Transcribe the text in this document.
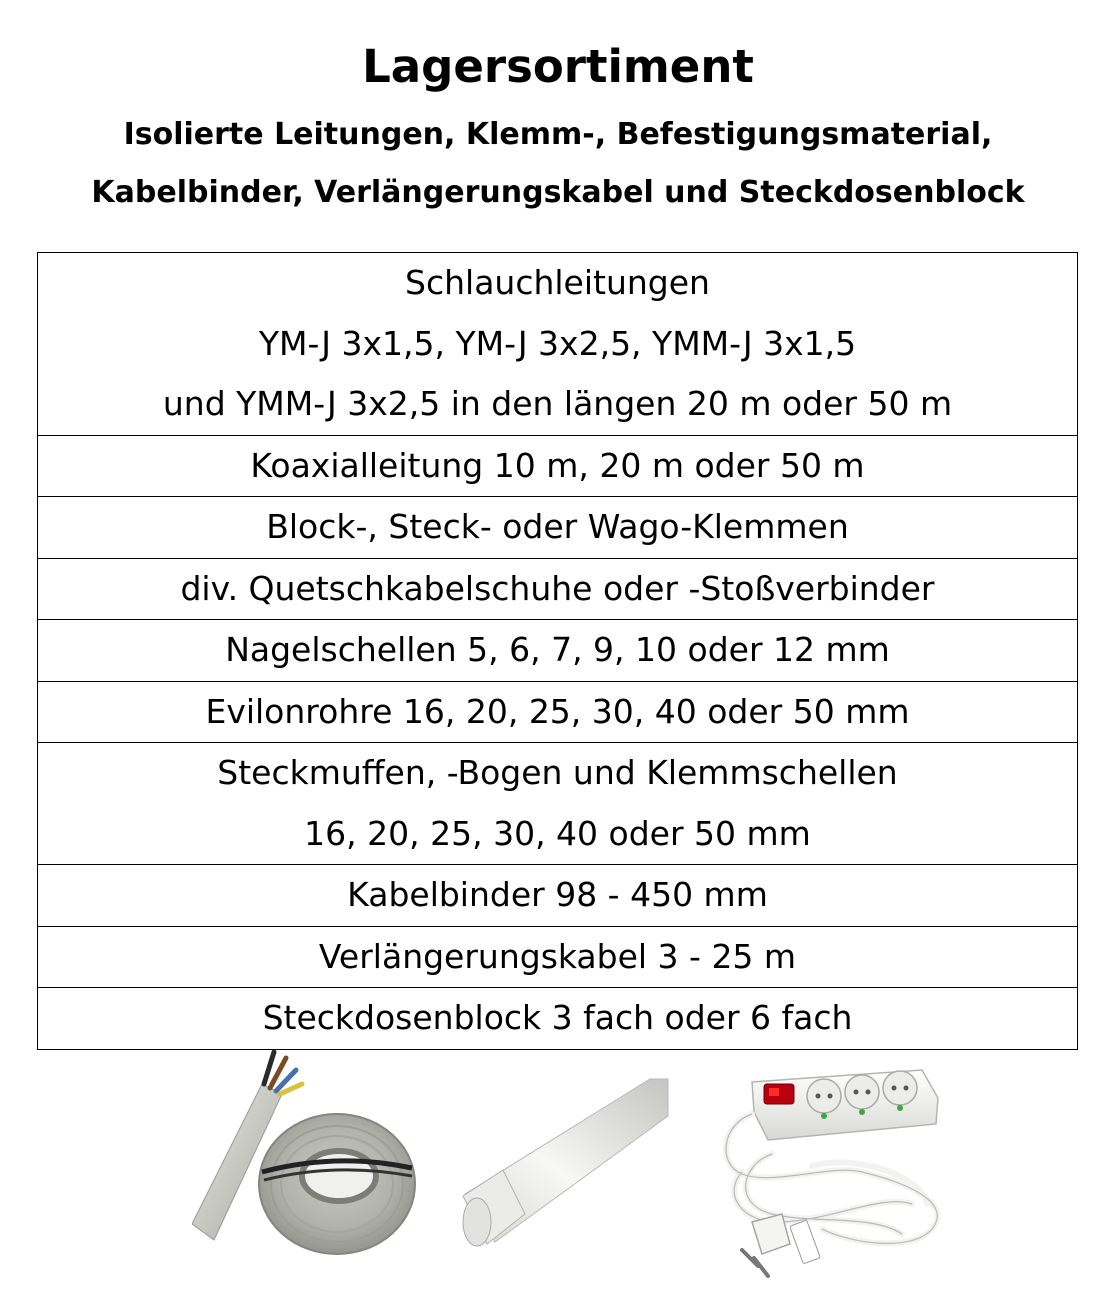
Lagersortiment
Isolierte Leitungen, Klemm-, Befestigungsmaterial,
Kabelbinder, Verlängerungskabel und Steckdosenblock
Schlauchleitungen
YM-J 3x1,5, YM-J 3x2,5, YMM-J 3x1,5
und YMM-J 3x2,5 in den längen 20 m oder 50 m
Koaxialleitung 10 m, 20 m oder 50 m
Block-, Steck- oder Wago-Klemmen
div. Quetschkabelschuhe oder -Stoßverbinder
Nagelschellen 5, 6, 7, 9, 10 oder 12 mm
Evilonrohre 16, 20, 25, 30, 40 oder 50 mm
Steckmuffen, -Bogen und Klemmschellen
16, 20, 25, 30, 40 oder 50 mm
Kabelbinder 98 - 450 mm
Verlängerungskabel 3 - 25 m
Steckdosenblock 3 fach oder 6 fach
